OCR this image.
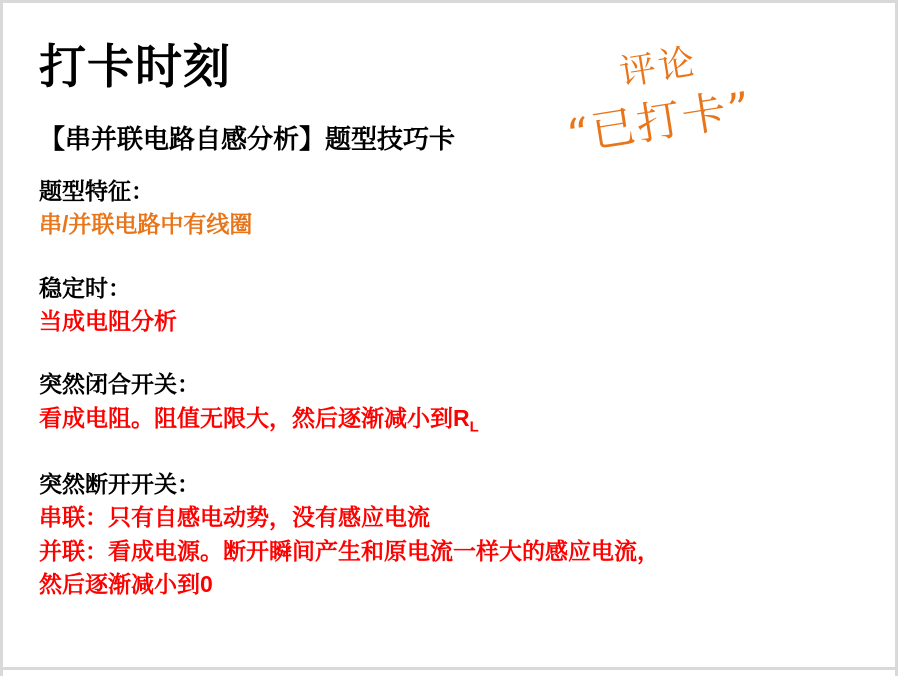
打卡时刻
【串并联电路自感分析】题型技巧卡
评论
“已打卡”
题型特征：
串/并联电路中有线圈
稳定时：
当成电阻分析
突然闭合开关：
看成电阻。阻值无限大，然后逐渐减小到$R_L$
突然断开开关：
串联：只有自感电动势，没有感应电流
并联：看成电源。断开瞬间产生和原电流一样大的感应电流，
然后逐渐减小到0
